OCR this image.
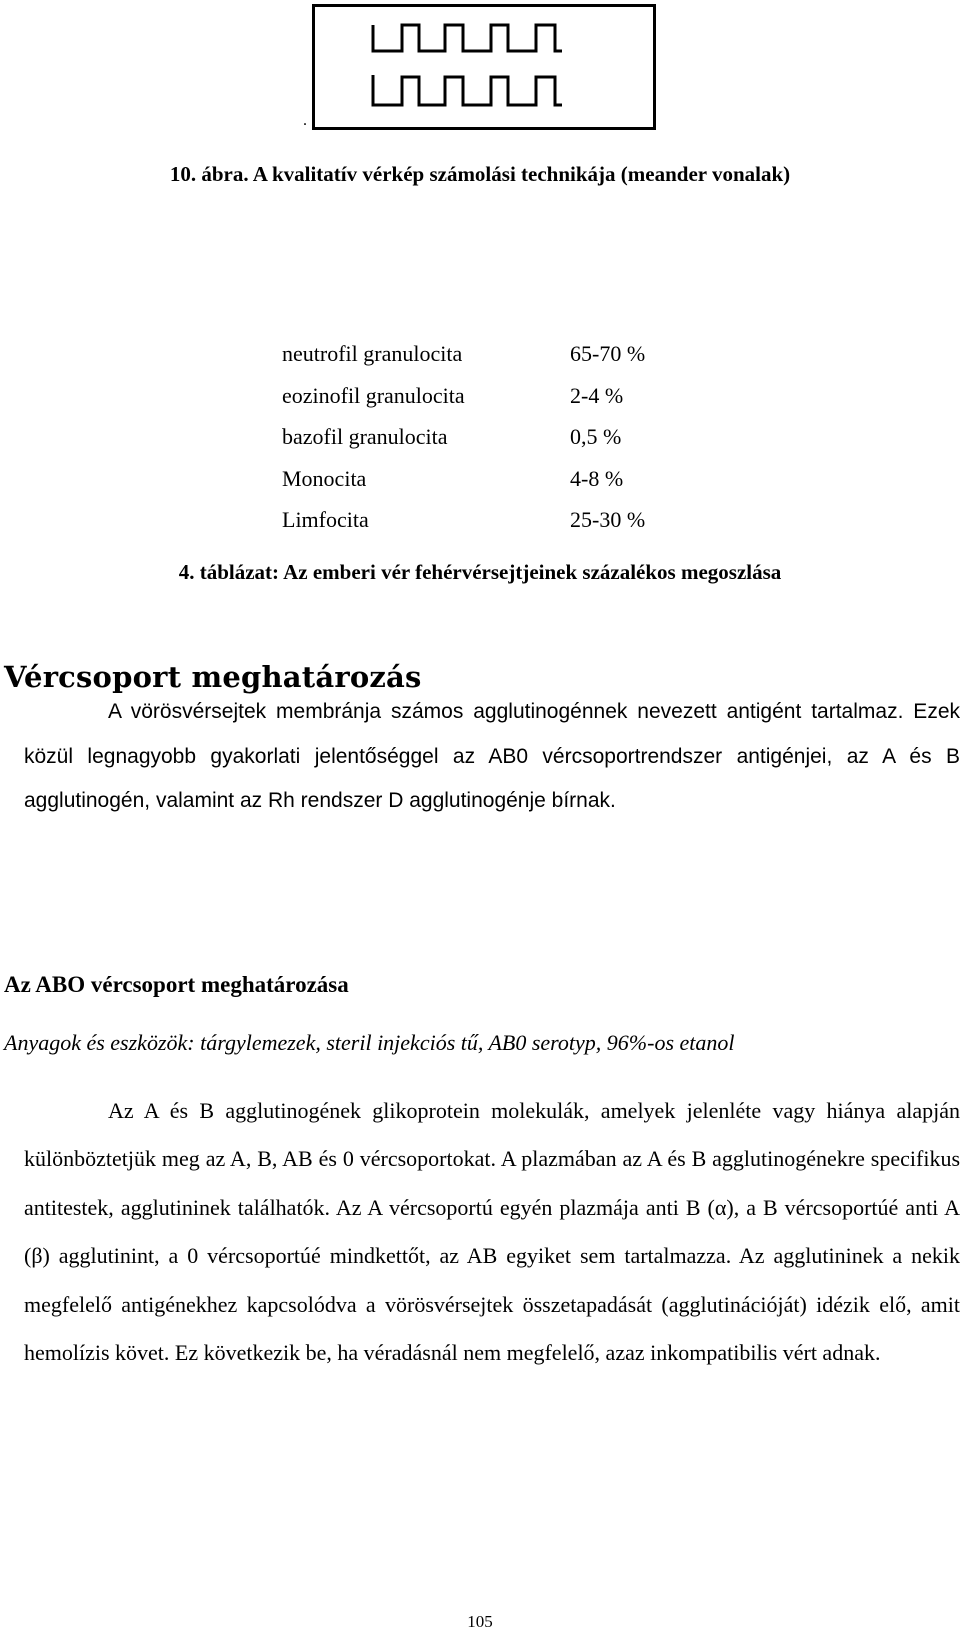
.
10. ábra. A kvalitatív vérkép számolási technikája (meander vonalak)
neutrofil granulocita	65-70 %
eozinofil granulocita	2-4 %
bazofil granulocita	0,5 %
Monocita	4-8 %
Limfocita	25-30 %
4. táblázat: Az emberi vér fehérvérsejtjeinek százalékos megoszlása
Vércsoport meghatározás

A vörösvérsejtek membránja számos agglutinogénnek nevezett antigént tartalmaz. Ezek közül legnagyobb gyakorlati jelentőséggel az AB0 vércsoportrendszer antigénjei, az A és B agglutinogén, valamint az Rh rendszer D agglutinogénje bírnak.

Az ABO vércsoport meghatározása
Anyagok és eszközök: tárgylemezek, steril injekciós tű, AB0 serotyp, 96%-os etanol

Az A és B agglutinogének glikoprotein molekulák, amelyek jelenléte vagy hiánya alapján különböztetjük meg az A, B, AB és 0 vércsoportokat. A plazmában az A és B agglutinogénekre specifikus antitestek, agglutininek találhatók. Az A vércsoportú egyén plazmája anti B (α), a B vércsoportúé anti A (β) agglutinint, a 0 vércsoportúé mindkettőt, az AB egyiket sem tartalmazza. Az agglutininek a nekik megfelelő antigénekhez kapcsolódva a vörösvérsejtek összetapadását (agglutinációját) idézik elő, amit hemolízis követ. Ez következik be, ha véradásnál nem megfelelő, azaz inkompatibilis vért adnak.

105
